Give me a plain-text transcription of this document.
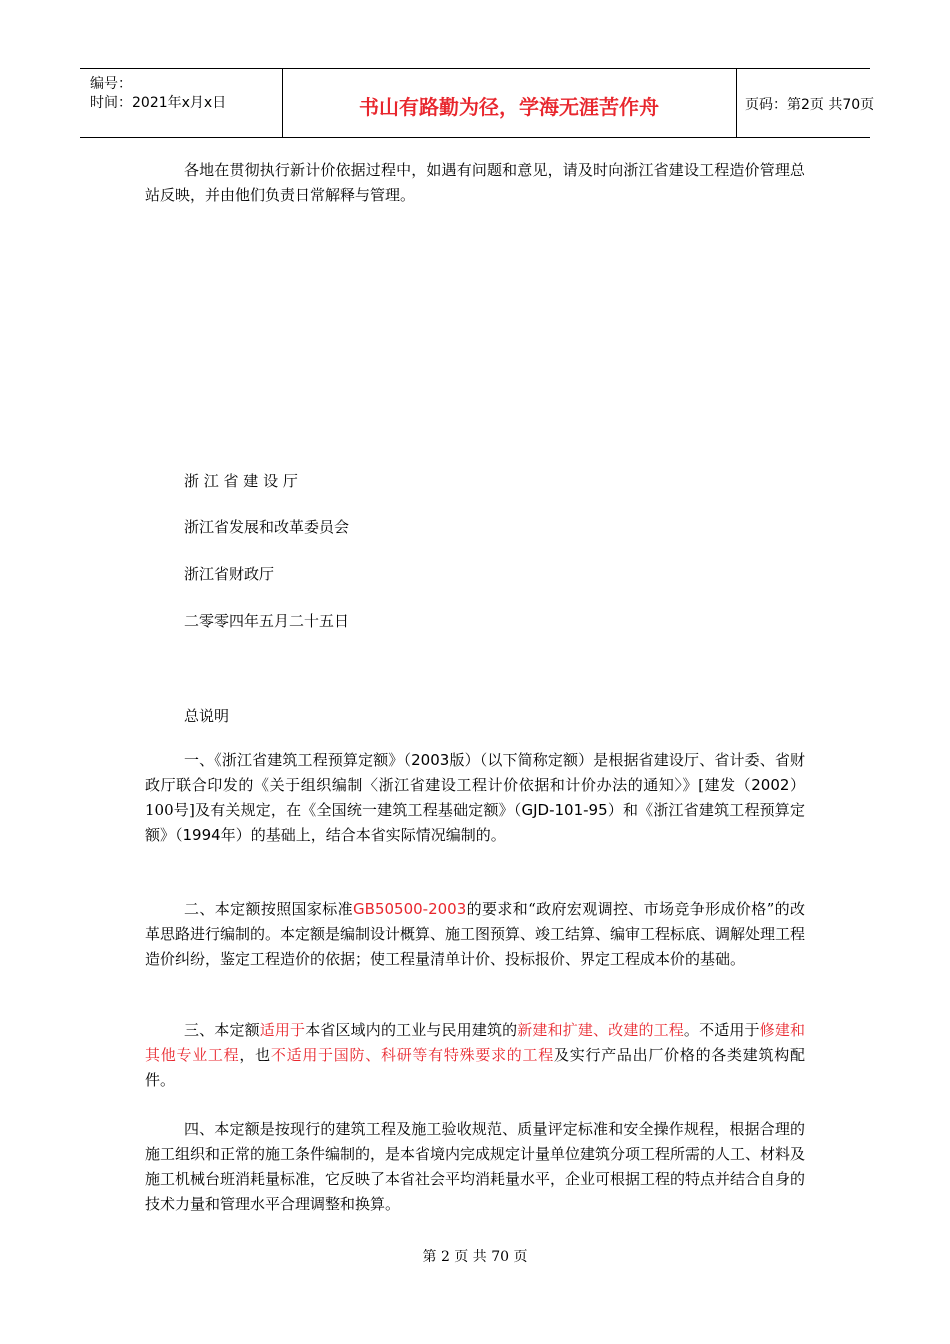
编号：
时间：2021年x月x日	书山有路勤为径，学海无涯苦作舟	页码：第2页 共70页

各地在贯彻执行新计价依据过程中，如遇有问题和意见，请及时向浙江省建设工程造价管理总站反映，并由他们负责日常解释与管理。

浙 江 省 建 设 厅
浙江省发展和改革委员会
浙江省财政厅
二零零四年五月二十五日
总说明

一、《浙江省建筑工程预算定额》（2003版）（以下简称定额）是根据省建设厅、省计委、省财政厅联合印发的《关于组织编制〈浙江省建设工程计价依据和计价办法的通知〉》[建发（2002）100号]及有关规定，在《全国统一建筑工程基础定额》（GJD-101-95）和《浙江省建筑工程预算定额》（1994年）的基础上，结合本省实际情况编制的。

二、本定额按照国家标准GB50500-2003的要求和“政府宏观调控、市场竞争形成价格”的改革思路进行编制的。本定额是编制设计概算、施工图预算、竣工结算、编审工程标底、调解处理工程造价纠纷，鉴定工程造价的依据；使工程量清单计价、投标报价、界定工程成本价的基础。

三、本定额适用于本省区域内的工业与民用建筑的新建和扩建、改建的工程。不适用于修建和其他专业工程，也不适用于国防、科研等有特殊要求的工程及实行产品出厂价格的各类建筑构配件。

四、本定额是按现行的建筑工程及施工验收规范、质量评定标准和安全操作规程，根据合理的施工组织和正常的施工条件编制的，是本省境内完成规定计量单位建筑分项工程所需的人工、材料及施工机械台班消耗量标准，它反映了本省社会平均消耗量水平，企业可根据工程的特点并结合自身的技术力量和管理水平合理调整和换算。

第 2 页 共 70 页
